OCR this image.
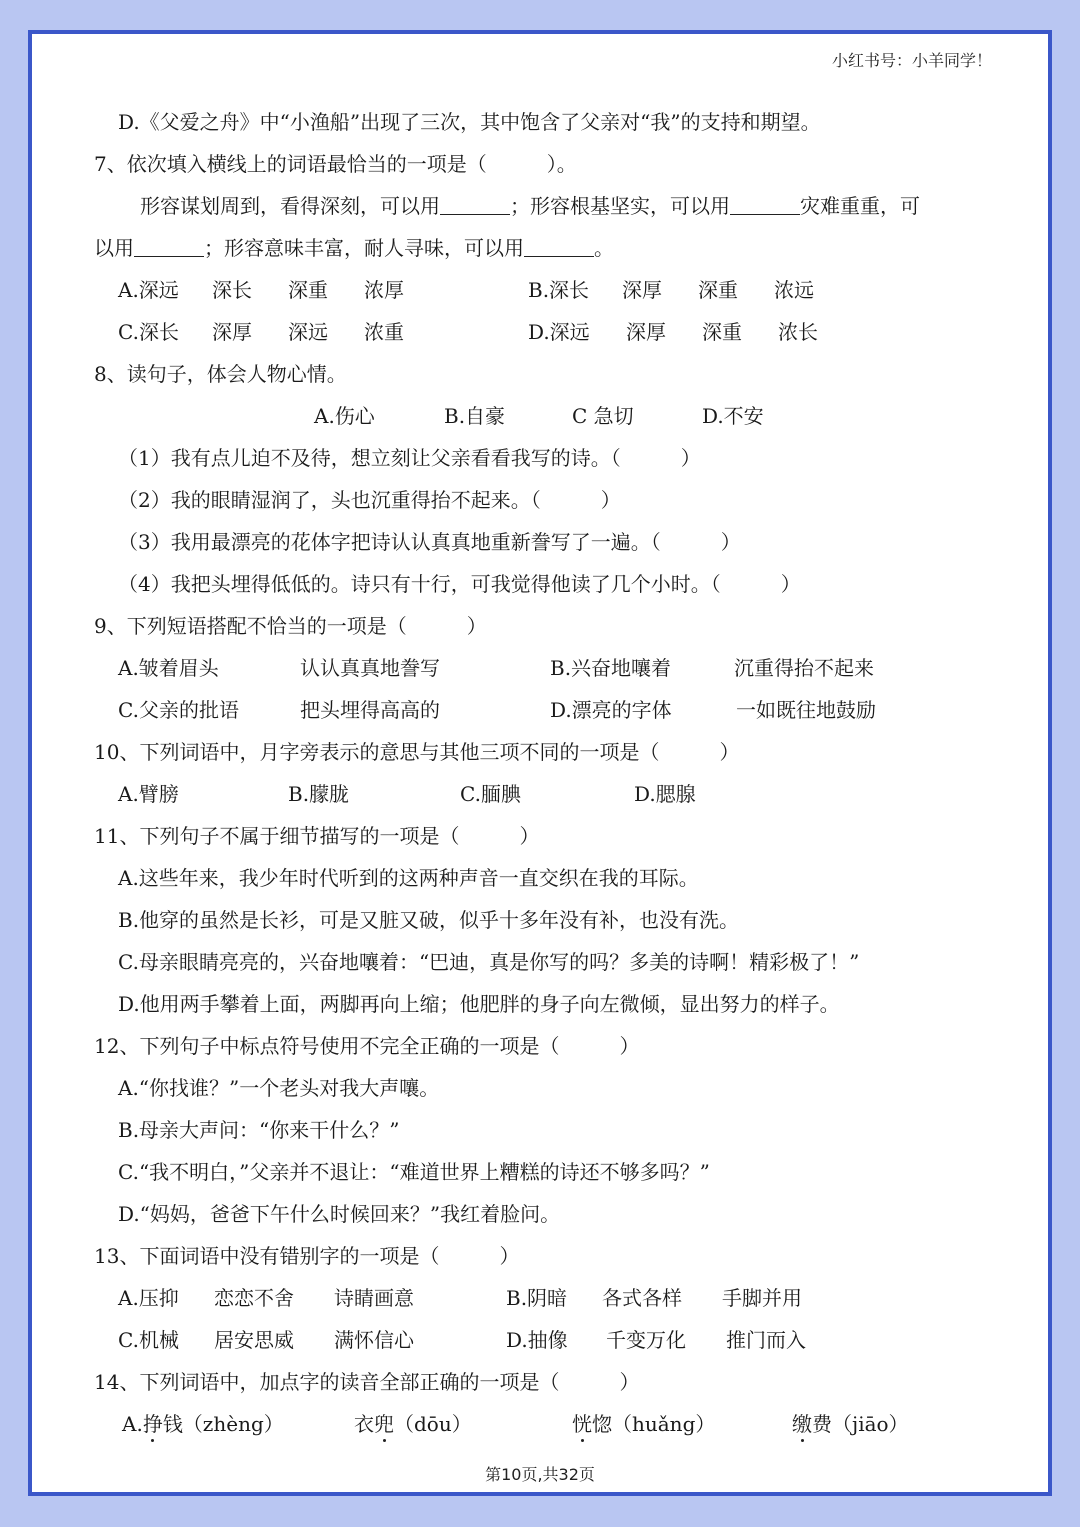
小红书号：小羊同学！
D.《父爱之舟》中“小渔船”出现了三次，其中饱含了父亲对“我”的支持和期望。
7、依次填入横线上的词语最恰当的一项是（	）。
形容谋划周到，看得深刻，可以用	；形容根基坚实，可以用	灾难重重，可
以用	；形容意味丰富，耐人寻味，可以用	。
A.深远 深长 深重 浓厚	B.深长 深厚 深重 浓远
C.深长 深厚 深远 浓重	D.深远 深厚 深重 浓长
8、读句子，体会人物心情。
A.伤心	B.自豪	C 急切	D.不安
（1）我有点儿迫不及待，想立刻让父亲看看我写的诗。（	）
（2）我的眼睛湿润了，头也沉重得抬不起来。（	）
（3）我用最漂亮的花体字把诗认认真真地重新誊写了一遍。（	）
（4）我把头埋得低低的。诗只有十行，可我觉得他读了几个小时。（	）
9、下列短语搭配不恰当的一项是（	）
A.皱着眉头	认认真真地誊写	B.兴奋地嚷着	沉重得抬不起来
C.父亲的批语	把头埋得高高的	D.漂亮的字体	一如既往地鼓励
10、下列词语中，月字旁表示的意思与其他三项不同的一项是（	）
A.臂膀	B.朦胧	C.腼腆	D.腮腺
11、下列句子不属于细节描写的一项是（	）
A.这些年来，我少年时代听到的这两种声音一直交织在我的耳际。
B.他穿的虽然是长衫，可是又脏又破，似乎十多年没有补，也没有洗。
C.母亲眼睛亮亮的，兴奋地嚷着：“巴迪，真是你写的吗？多美的诗啊！精彩极了！”
D.他用两手攀着上面，两脚再向上缩；他肥胖的身子向左微倾，显出努力的样子。
12、下列句子中标点符号使用不完全正确的一项是（	）
A.“你找谁？”一个老头对我大声嚷。
B.母亲大声问：“你来干什么？”
C.“我不明白，”父亲并不退让：“难道世界上糟糕的诗还不够多吗？”
D.“妈妈，爸爸下午什么时候回来？”我红着脸问。
13、下面词语中没有错别字的一项是（	）
A.压抑 恋恋不舍 诗睛画意	B.阴暗 各式各样 手脚并用
C.机械 居安思威 满怀信心	D.抽像 千变万化 推门而入
14、下列词语中，加点字的读音全部正确的一项是（	）
A.挣钱（zhèng）	衣兜（dōu）	恍惚（huǎng）	缴费（jiāo）
第10页,共32页
